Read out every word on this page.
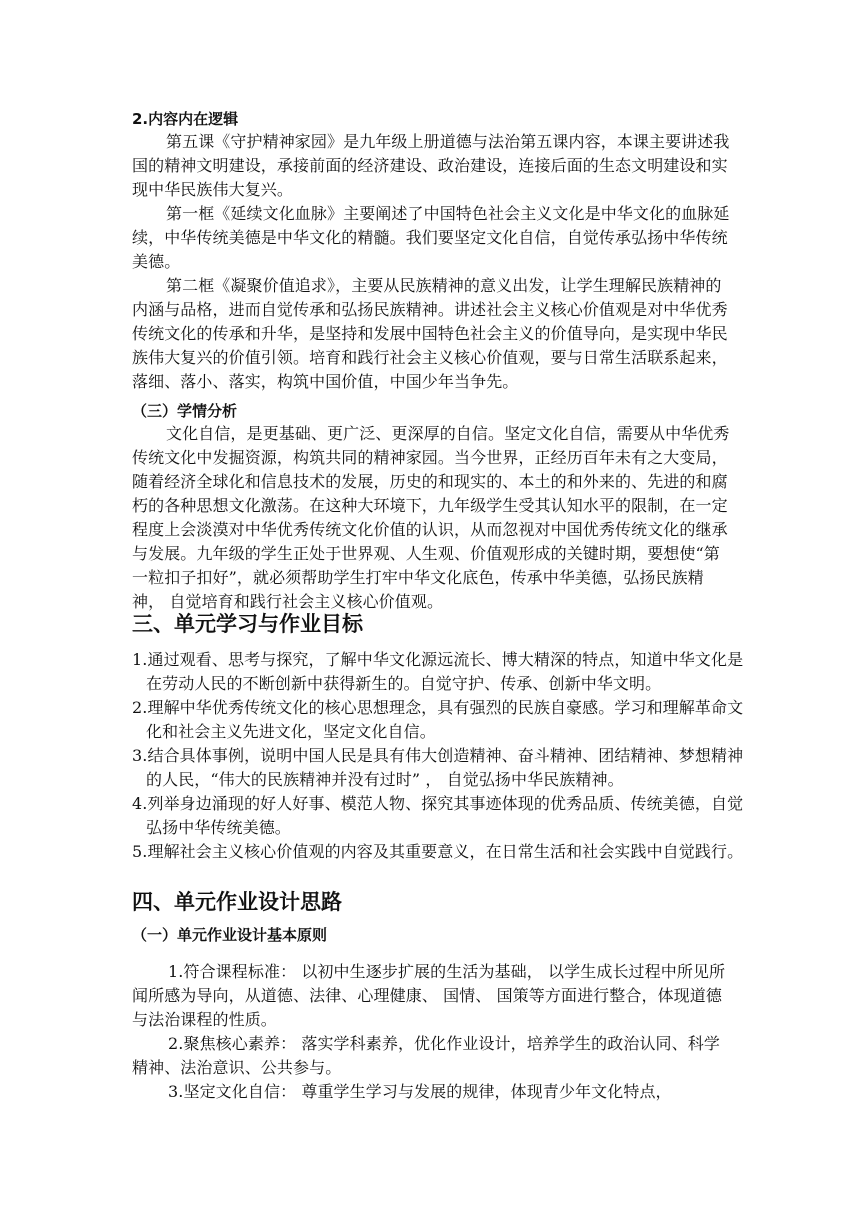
2.内容内在逻辑

第五课《守护精神家园》是九年级上册道德与法治第五课内容，本课主要讲述我国的精神文明建设，承接前面的经济建设、政治建设，连接后面的生态文明建设和实现中华民族伟大复兴。

第一框《延续文化血脉》主要阐述了中国特色社会主义文化是中华文化的血脉延续，中华传统美德是中华文化的精髓。我们要坚定文化自信，自觉传承弘扬中华传统美德。

第二框《凝聚价值追求》，主要从民族精神的意义出发，让学生理解民族精神的内涵与品格，进而自觉传承和弘扬民族精神。讲述社会主义核心价值观是对中华优秀传统文化的传承和升华，是坚持和发展中国特色社会主义的价值导向，是实现中华民族伟大复兴的价值引领。培育和践行社会主义核心价值观，要与日常生活联系起来，落细、落小、落实，构筑中国价值，中国少年当争先。

（三）学情分析

文化自信，是更基础、更广泛、更深厚的自信。坚定文化自信，需要从中华优秀传统文化中发掘资源，构筑共同的精神家园。当今世界，正经历百年未有之大变局，随着经济全球化和信息技术的发展，历史的和现实的、本土的和外来的、先进的和腐朽的各种思想文化激荡。在这种大环境下，九年级学生受其认知水平的限制，在一定程度上会淡漠对中华优秀传统文化价值的认识，从而忽视对中国优秀传统文化的继承与发展。九年级的学生正处于世界观、人生观、价值观形成的关键时期，要想使“第一粒扣子扣好”，就必须帮助学生打牢中华文化底色，传承中华美德，弘扬民族精神， 自觉培育和践行社会主义核心价值观。

三、单元学习与作业目标

1.通过观看、思考与探究，了解中华文化源远流长、博大精深的特点，知道中华文化是在劳动人民的不断创新中获得新生的。自觉守护、传承、创新中华文明。

2.理解中华优秀传统文化的核心思想理念，具有强烈的民族自豪感。学习和理解革命文化和社会主义先进文化，坚定文化自信。

3.结合具体事例，说明中国人民是具有伟大创造精神、奋斗精神、团结精神、梦想精神的人民，“伟大的民族精神并没有过时” ， 自觉弘扬中华民族精神。

4.列举身边涌现的好人好事、模范人物、探究其事迹体现的优秀品质、传统美德，自觉弘扬中华传统美德。

5.理解社会主义核心价值观的内容及其重要意义，在日常生活和社会实践中自觉践行。

四、单元作业设计思路
（一）单元作业设计基本原则

1.符合课程标准： 以初中生逐步扩展的生活为基础， 以学生成长过程中所见所闻所感为导向，从道德、法律、心理健康、 国情、 国策等方面进行整合，体现道德与法治课程的性质。

2.聚焦核心素养： 落实学科素养，优化作业设计，培养学生的政治认同、科学精神、法治意识、公共参与。

3.坚定文化自信： 尊重学生学习与发展的规律，体现青少年文化特点，
